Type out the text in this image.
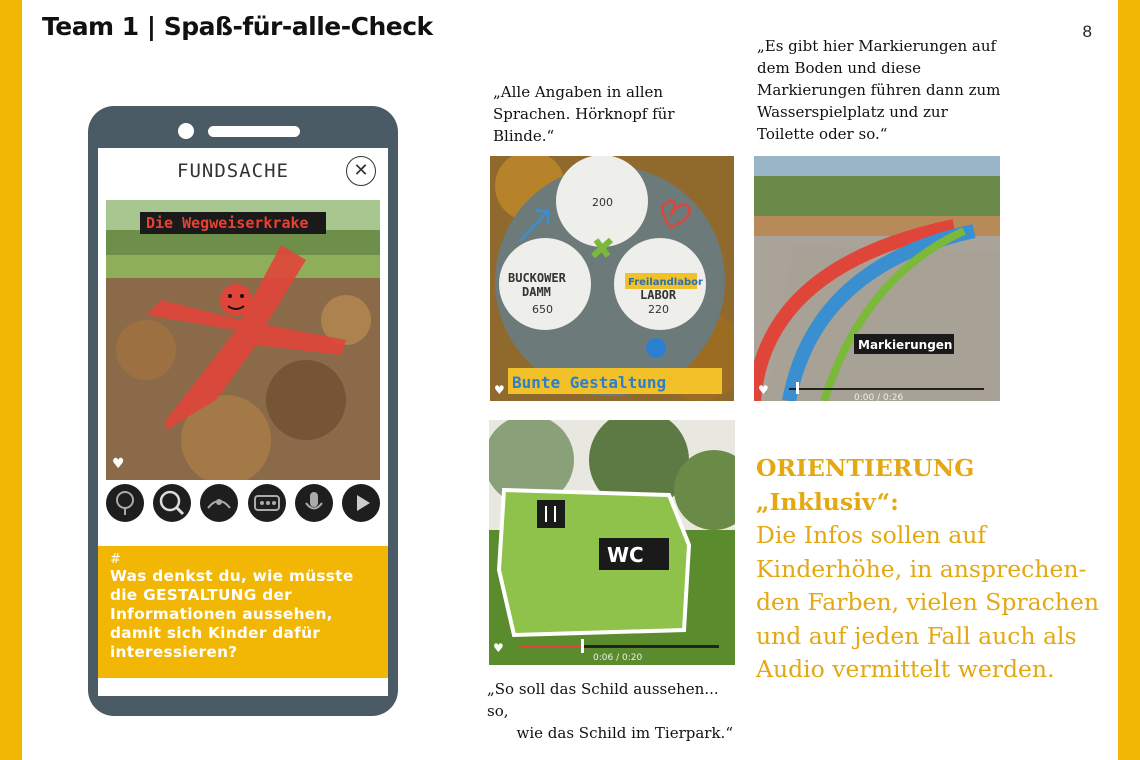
Team 1 | Spaß-für-alle-Check	8
FUNDSACHE	✕
Die Wegweiserkrake
♥
#
Was denkst du, wie müsste die GESTALTUNG der Informationen aussehen, damit sich Kinder dafür interessieren?
„Alle Angaben in allen Sprachen. Hörknopf für Blinde.“
„Es gibt hier Markierungen auf dem Boden und diese Markierungen führen dann zum Wasserspielplatz und zur Toilette oder so.“
200
BUCKOWER
DAMM
650
Freilandlabor
LABOR
220
Bunte Gestaltung
♥
Markierungen
0:00 / 0:26
♥
WC
0:06 / 0:20
♥
„So soll das Schild aussehen... so,
wie das Schild im Tierpark.“
ORIENTIERUNG „Inklusiv“:
Die Infos sollen auf Kinderhöhe, in ansprechen-den Farben, vielen Sprachen und auf jeden Fall auch als Audio vermittelt werden.
